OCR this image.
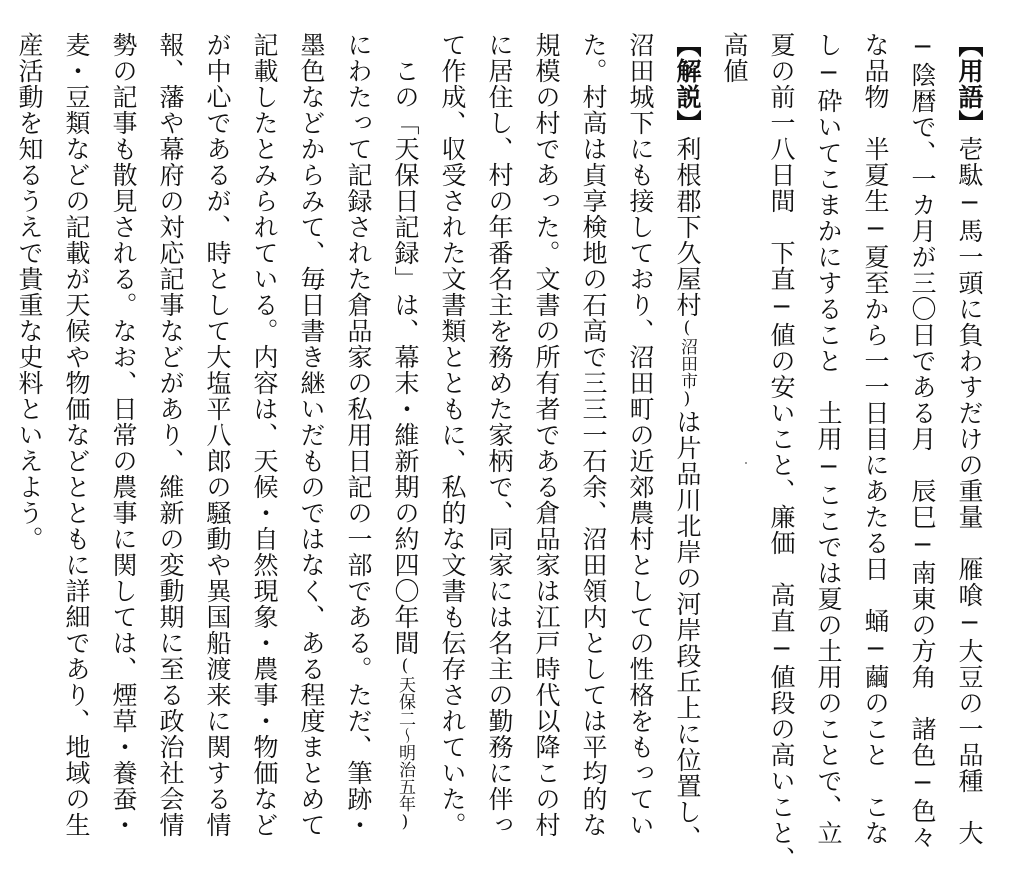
【用語】壱駄─馬一頭に負わすだけの重量　雁喰─大豆の一品種　大
─陰暦で、一カ月が三〇日である月　辰巳─南東の方角　諸色─色々
な品物　半夏生─夏至から一一日目にあたる日　蛹─繭のこと　こな
し─砕いてこまかにすること　土用─ここでは夏の土用のことで、立
夏の前一八日間　下直─値の安いこと、廉価　高直─値段の高いこと、
高値
【解説】利根郡下久屋村(沼田市)は片品川北岸の河岸段丘上に位置し、
沼田城下にも接しており、沼田町の近郊農村としての性格をもってい
た。村高は貞享検地の石高で三三一石余、沼田領内としては平均的な
規模の村であった。文書の所有者である倉品家は江戸時代以降この村
に居住し、村の年番名主を務めた家柄で、同家には名主の勤務に伴っ
て作成、収受された文書類とともに、私的な文書も伝存されていた。
　この「天保日記録」は、幕末・維新期の約四〇年間(天保二〜明治五年)
にわたって記録された倉品家の私用日記の一部である。ただ、筆跡・
墨色などからみて、毎日書き継いだものではなく、ある程度まとめて
記載したとみられている。内容は、天候・自然現象・農事・物価など
が中心であるが、時として大塩平八郎の騒動や異国船渡来に関する情
報、藩や幕府の対応記事などがあり、維新の変動期に至る政治社会情
勢の記事も散見される。なお、日常の農事に関しては、煙草・養蚕・
麦・豆類などの記載が天候や物価などとともに詳細であり、地域の生
産活動を知るうえで貴重な史料といえよう。
